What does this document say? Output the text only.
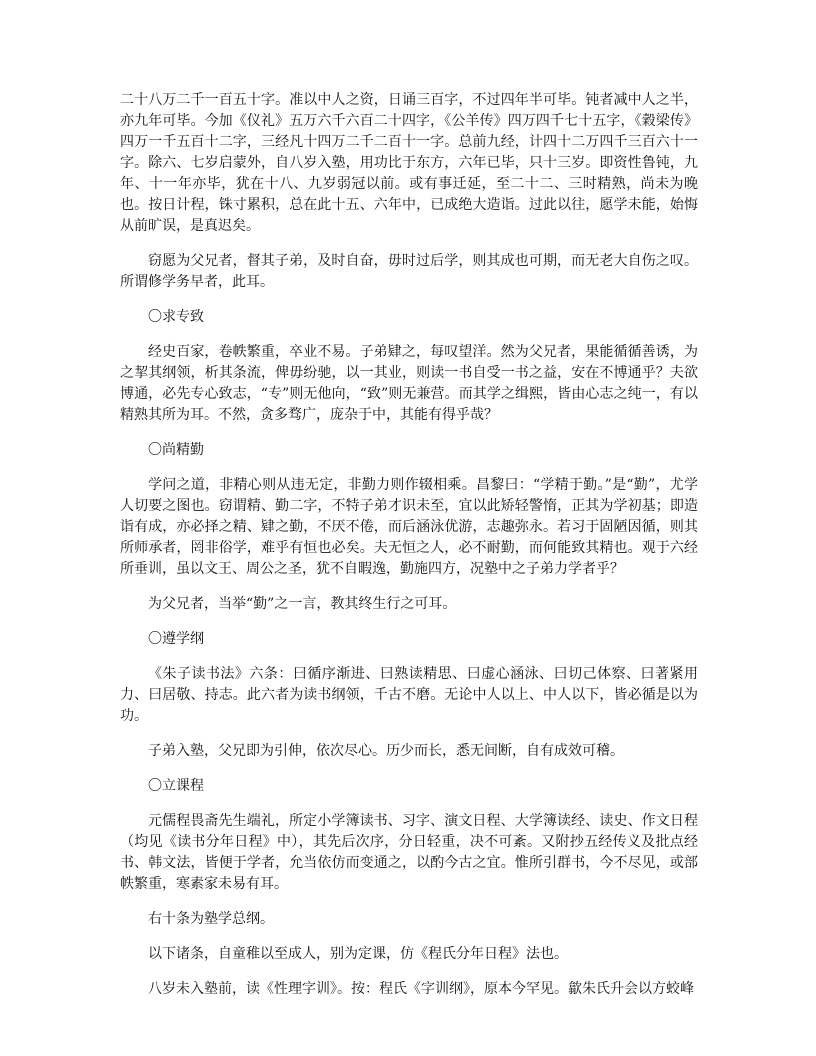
二十八万二千一百五十字。准以中人之资，日诵三百字，不过四年半可毕。钝者减中人之半，亦九年可毕。今加《仪礼》五万六千六百二十四字，《公羊传》四万四千七十五字，《穀梁传》四万一千五百十二字，三经凡十四万二千二百十一字。总前九经，计四十二万四千三百六十一字。除六、七岁启蒙外，自八岁入塾，用功比于东方，六年已毕，只十三岁。即资性鲁钝，九年、十一年亦毕，犹在十八、九岁弱冠以前。或有事迁延，至二十二、三时精熟，尚未为晚也。按日计程，铢寸累积，总在此十五、六年中，已成绝大造诣。过此以往，愿学未能，始悔从前旷误，是真迟矣。

窃愿为父兄者，督其子弟，及时自奋，毋时过后学，则其成也可期，而无老大自伤之叹。所谓修学务早者，此耳。

〇求专致

经史百家，卷帙繁重，卒业不易。子弟肄之，每叹望洋。然为父兄者，果能循循善诱，为之挈其纲领，析其条流，俾毋纷驰，以一其业，则读一书自受一书之益，安在不博通乎？夫欲博通，必先专心致志，“专”则无他向，“致”则无兼营。而其学之缉熙，皆由心志之纯一，有以精熟其所为耳。不然，贪多骛广，庞杂于中，其能有得乎哉？

〇尚精勤

学问之道，非精心则从违无定，非勤力则作辍相乘。昌黎曰：“学精于勤。”是“勤”，尤学人切要之图也。窃谓精、勤二字，不特子弟才识未至，宜以此矫轻警惰，正其为学初基；即造诣有成，亦必择之精、肄之勤，不厌不倦，而后涵泳优游，志趣弥永。若习于固陋因循，则其所师承者，罔非俗学，难乎有恒也必矣。夫无恒之人，必不耐勤，而何能致其精也。观于六经所垂训，虽以文王、周公之圣，犹不自暇逸，勤施四方，况塾中之子弟力学者乎？

为父兄者，当举“勤”之一言，教其终生行之可耳。

〇遵学纲

《朱子读书法》六条：曰循序渐进、曰熟读精思、曰虚心涵泳、曰切己体察、曰著紧用力、曰居敬、持志。此六者为读书纲领，千古不磨。无论中人以上、中人以下，皆必循是以为功。

子弟入塾，父兄即为引伸，依次尽心。历少而长，悉无间断，自有成效可稽。

〇立课程

元儒程畏斋先生端礼，所定小学簿读书、习字、演文日程、大学簿读经、读史、作文日程（均见《读书分年日程》中），其先后次序，分日轻重，决不可紊。又附抄五经传义及批点经书、韩文法，皆便于学者，允当依仿而变通之，以酌今古之宜。惟所引群书，今不尽见，或部帙繁重，寒素家未易有耳。

右十条为塾学总纲。

以下诸条，自童稚以至成人，别为定课，仿《程氏分年日程》法也。

八岁未入塾前，读《性理字训》。按：程氏《字训纲》，原本今罕见。歙朱氏升会以方蛟峰
